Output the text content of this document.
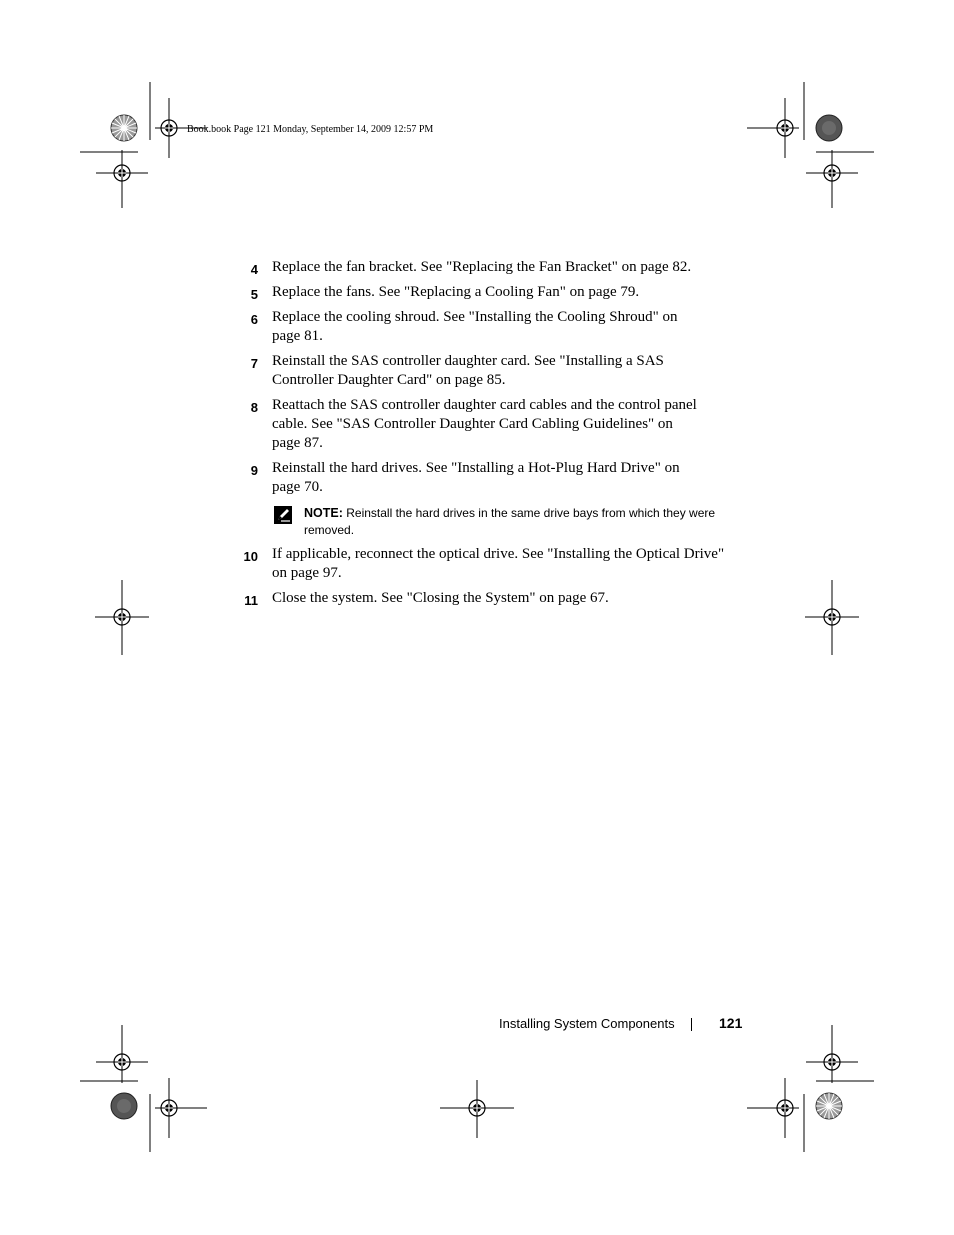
Book.book Page 121 Monday, September 14, 2009 12:57 PM
4 Replace the fan bracket. See "Replacing the Fan Bracket" on page 82.
5 Replace the fans. See "Replacing a Cooling Fan" on page 79.
6 Replace the cooling shroud. See "Installing the Cooling Shroud" on
page 81.
7 Reinstall the SAS controller daughter card. See "Installing a SAS
Controller Daughter Card" on page 85.
8 Reattach the SAS controller daughter card cables and the control panel
cable. See "SAS Controller Daughter Card Cabling Guidelines" on
page 87.
9 Reinstall the hard drives. See "Installing a Hot-Plug Hard Drive" on
page 70.
NOTE: Reinstall the hard drives in the same drive bays from which they were
removed.
10 If applicable, reconnect the optical drive. See "Installing the Optical Drive"
on page 97.
11 Close the system. See "Closing the System" on page 67.
Installing System Components	121
